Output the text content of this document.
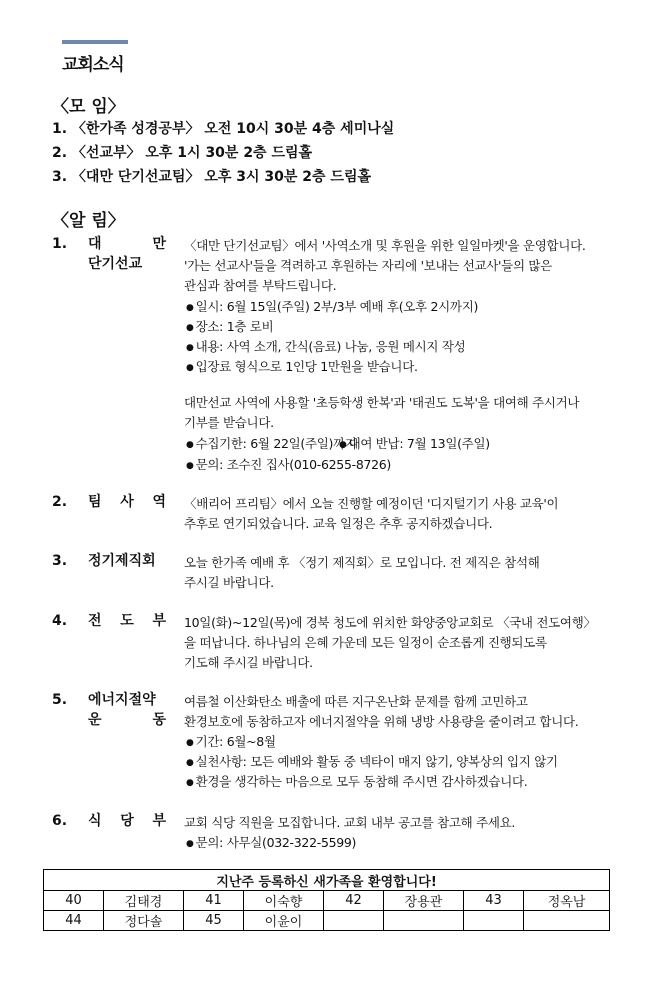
교회소식
〈모 임〉
1. 〈한가족 성경공부〉 오전 10시 30분 4층 세미나실
2. 〈선교부〉 오후 1시 30분 2층 드림홀
3. 〈대만 단기선교팀〉 오후 3시 30분 2층 드림홀
〈알 림〉
1. 대 만
단기선교
〈대만 단기선교팀〉에서 '사역소개 및 후원을 위한 일일마켓'을 운영합니다.
'가는 선교사'들을 격려하고 후원하는 자리에 '보내는 선교사'들의 많은
관심과 참여를 부탁드립니다.
● 일시: 6월 15일(주일) 2부/3부 예배 후(오후 2시까지)
● 장소: 1층 로비
● 내용: 사역 소개, 간식(음료) 나눔, 응원 메시지 작성
● 입장료 형식으로 1인당 1만원을 받습니다.
대만선교 사역에 사용할 '초등학생 한복'과 '태권도 도복'을 대여해 주시거나
기부를 받습니다.
● 수집기한: 6월 22일(주일)까지
● 대여 반납: 7월 13일(주일)
● 문의: 조수진 집사(010-6255-8726)
2. 팀 사 역 〈배리어 프리팀〉에서 오늘 진행할 예정이던 '디지털기기 사용 교육'이
추후로 연기되었습니다. 교육 일정은 추후 공지하겠습니다.
3. 정기제직회	오늘 한가족 예배 후 〈정기 제직회〉로 모입니다. 전 제직은 참석해
주시길 바랍니다.
4. 전 도 부 10일(화)~12일(목)에 경북 청도에 위치한 화양중앙교회로 〈국내 전도여행〉
을 떠납니다. 하나님의 은혜 가운데 모든 일정이 순조롭게 진행되도록
기도해 주시길 바랍니다.
5. 에너지절약
운 동
여름철 이산화탄소 배출에 따른 지구온난화 문제를 함께 고민하고
환경보호에 동참하고자 에너지절약을 위해 냉방 사용량을 줄이려고 합니다.
● 기간: 6월~8월
● 실천사항: 모든 예배와 활동 중 넥타이 매지 않기, 양복상의 입지 않기
● 환경을 생각하는 마음으로 모두 동참해 주시면 감사하겠습니다.
6. 식 당 부 교회 식당 직원을 모집합니다. 교회 내부 공고를 참고해 주세요.
● 문의: 사무실(032-322-5599)
지난주 등록하신 새가족을 환영합니다!							
40	김태경	41	이숙향	42	장용관	43	정옥남
44	정다솔	45	이윤이				
